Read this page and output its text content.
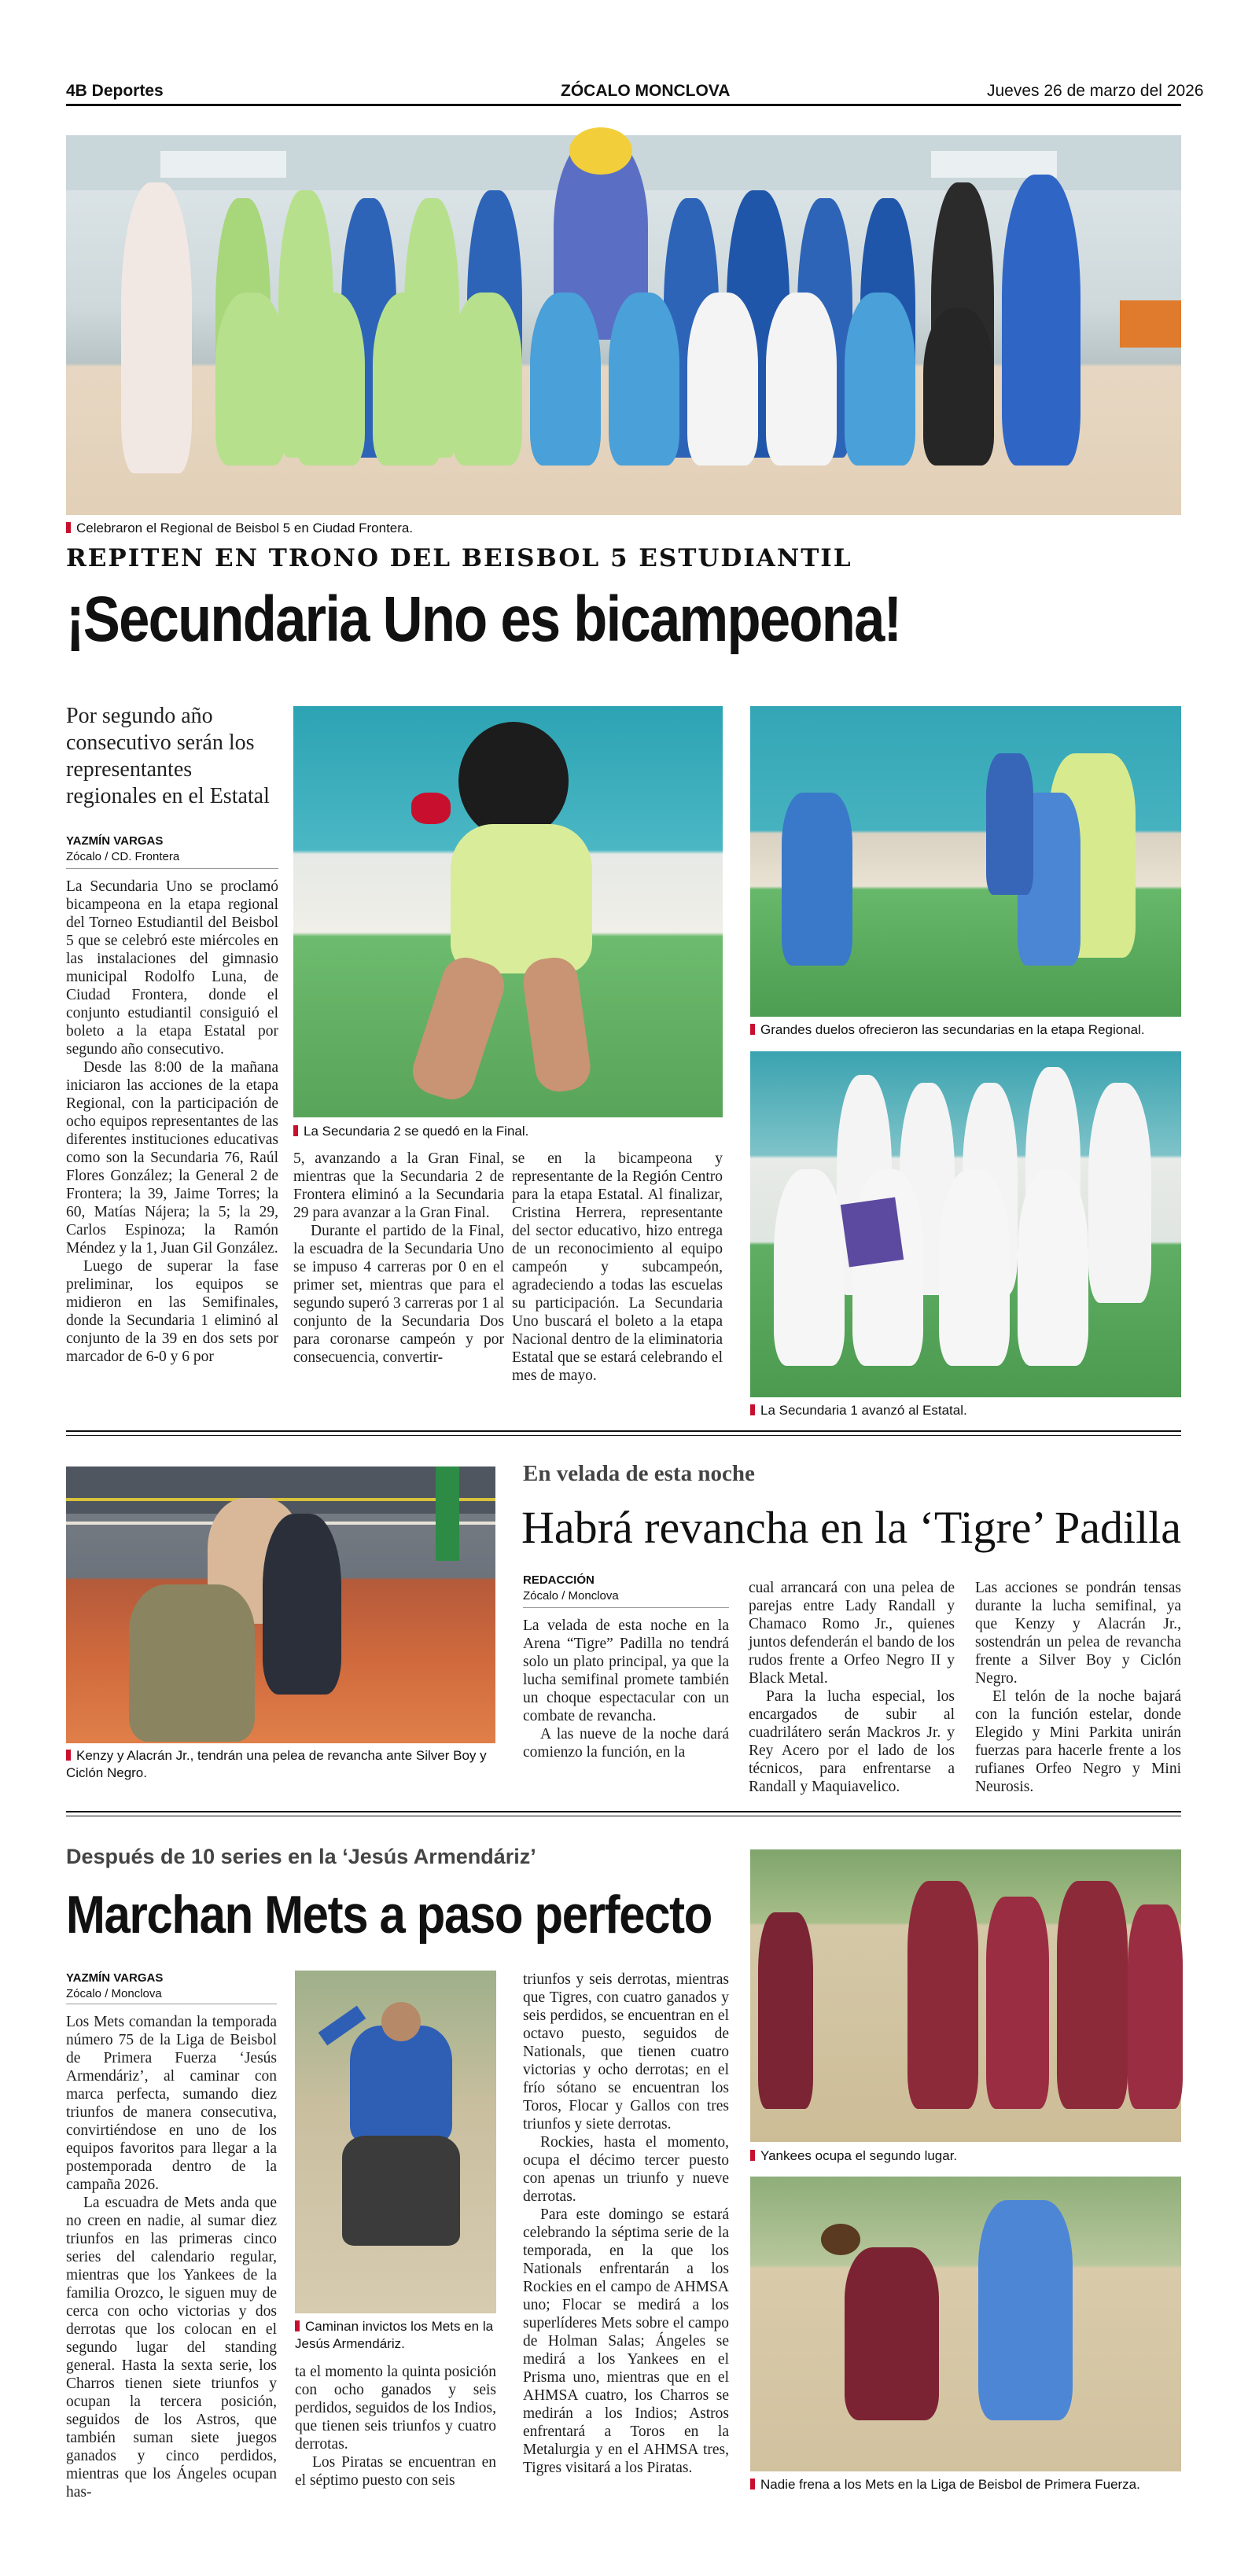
4B Deportes	ZÓCALO MONCLOVA	Jueves 26 de marzo del 2026
Celebraron el Regional de Beisbol 5 en Ciudad Frontera.
REPITEN EN TRONO DEL BEISBOL 5 ESTUDIANTIL
¡Secundaria Uno es bicampeona!
Por segundo año consecutivo serán los representantes regionales en el Estatal
YAZMÍN VARGAS
Zócalo / CD. Frontera

La Secundaria Uno se proclamó bicampeona en la etapa regional del Torneo Estudiantil del Beisbol 5 que se celebró este miércoles en las instalaciones del gimnasio municipal Rodolfo Luna, de Ciudad Frontera, donde el conjunto estudiantil consiguió el boleto a la etapa Estatal por segundo año consecutivo.

Desde las 8:00 de la mañana iniciaron las acciones de la etapa Regional, con la participación de ocho equipos representantes de las diferentes instituciones educativas como son la Secundaria 76, Raúl Flores González; la General 2 de Frontera; la 39, Jaime Torres; la 60, Matías Nájera; la 5; la 29, Carlos Espinoza; la Ramón Méndez y la 1, Juan Gil González.

Luego de superar la fase preliminar, los equipos se midieron en las Semifinales, donde la Secundaria 1 eliminó al conjunto de la 39 en dos sets por marcador de 6-0 y 6 por

La Secundaria 2 se quedó en la Final.

5, avanzando a la Gran Final, mientras que la Secundaria 2 de Frontera eliminó a la Secundaria 29 para avanzar a la Gran Final.

Durante el partido de la Final, la escuadra de la Secundaria Uno se impuso 4 carreras por 0 en el primer set, mientras que para el segundo superó 3 carreras por 1 al conjunto de la Secundaria Dos para coronarse campeón y por consecuencia, convertir-

se en la bicampeona y representante de la Región Centro para la etapa Estatal. Al finalizar, Cristina Herrera, representante del sector educativo, hizo entrega de un reconocimiento al equipo campeón y subcampeón, agradeciendo a todas las escuelas su participación. La Secundaria Uno buscará el boleto a la etapa Nacional dentro de la eliminatoria Estatal que se estará celebrando el mes de mayo.

Grandes duelos ofrecieron las secundarias en la etapa Regional.
La Secundaria 1 avanzó al Estatal.
Kenzy y Alacrán Jr., tendrán una pelea de revancha ante Silver Boy y Ciclón Negro.
En velada de esta noche
Habrá revancha en la ‘Tigre’ Padilla
REDACCIÓN
Zócalo / Monclova

La velada de esta noche en la Arena “Tigre” Padilla no tendrá solo un plato principal, ya que la lucha semifinal promete también un choque espectacular con un combate de revancha.

A las nueve de la noche dará comienzo la función, en la

cual arrancará con una pelea de parejas entre Lady Randall y Chamaco Romo Jr., quienes juntos defenderán el bando de los rudos frente a Orfeo Negro II y Black Metal.

Para la lucha especial, los encargados de subir al cuadrilátero serán Mackros Jr. y Rey Acero por el lado de los técnicos, para enfrentarse a Randall y Maquiavelico.

Las acciones se pondrán tensas durante la lucha semifinal, ya que Kenzy y Alacrán Jr., sostendrán un pelea de revancha frente a Silver Boy y Ciclón Negro.

El telón de la noche bajará con la función estelar, donde Elegido y Mini Parkita unirán fuerzas para hacerle frente a los rufianes Orfeo Negro y Mini Neurosis.

Después de 10 series en la ‘Jesús Armendáriz’
Marchan Mets a paso perfecto
YAZMÍN VARGAS
Zócalo / Monclova

Los Mets comandan la temporada número 75 de la Liga de Beisbol de Primera Fuerza ‘Jesús Armendáriz’, al caminar con marca perfecta, sumando diez triunfos de manera consecutiva, convirtiéndose en uno de los equipos favoritos para llegar a la postemporada dentro de la campaña 2026.

La escuadra de Mets anda que no creen en nadie, al sumar diez triunfos en las primeras cinco series del calendario regular, mientras que los Yankees de la familia Orozco, le siguen muy de cerca con ocho victorias y dos derrotas que los colocan en el segundo lugar del standing general. Hasta la sexta serie, los Charros tienen siete triunfos y ocupan la tercera posición, seguidos de los Astros, que también suman siete juegos ganados y cinco perdidos, mientras que los Ángeles ocupan has-

Caminan invictos los Mets en la Jesús Armendáriz.

ta el momento la quinta posición con ocho ganados y seis perdidos, seguidos de los Indios, que tienen seis triunfos y cuatro derrotas.

Los Piratas se encuentran en el séptimo puesto con seis

triunfos y seis derrotas, mientras que Tigres, con cuatro ganados y seis perdidos, se encuentran en el octavo puesto, seguidos de Nationals, que tienen cuatro victorias y ocho derrotas; en el frío sótano se encuentran los Toros, Flocar y Gallos con tres triunfos y siete derrotas.

Rockies, hasta el momento, ocupa el décimo tercer puesto con apenas un triunfo y nueve derrotas.

Para este domingo se estará celebrando la séptima serie de la temporada, en la que los Nationals enfrentarán a los Rockies en el campo de AHMSA uno; Flocar se medirá a los superlíderes Mets sobre el campo de Holman Salas; Ángeles se medirá a los Yankees en el Prisma uno, mientras que en el AHMSA cuatro, los Charros se medirán a los Indios; Astros enfrentará a Toros en la Metalurgia y en el AHMSA tres, Tigres visitará a los Piratas.

Yankees ocupa el segundo lugar.
Nadie frena a los Mets en la Liga de Beisbol de Primera Fuerza.
